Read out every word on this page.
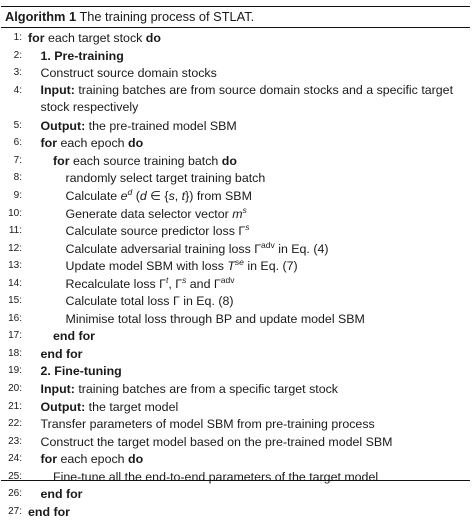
Algorithm 1 The training process of STLAT.
1: for each target stock do
2: 1. Pre-training
3: Construct source domain stocks
4: Input: training batches are from source domain stocks and a specific target stock respectively
5: Output: the pre-trained model SBM
6: for each epoch do
7:	for each source training batch do
8:	randomly select target training batch
9:	Calculate $e^d$ (d ∈ {s, t}) from SBM
10:	Generate data selector vector $m^s$
11:	Calculate source predictor loss $\Gamma^s$
12:	Calculate adversarial training loss $\Gamma^{adv}$ in Eq. (4)
13:	Update model SBM with loss $T^{se}$ in Eq. (7)
14:	Recalculate loss $\Gamma^t$, $\Gamma^s$ and $\Gamma^{adv}$
15:	Calculate total loss Γ in Eq. (8)
16:	Minimise total loss through BP and update model SBM
17:	end for
18: end for
19: 2. Fine-tuning
20: Input: training batches are from a specific target stock
21: Output: the target model
22: Transfer parameters of model SBM from pre-training process
23: Construct the target model based on the pre-trained model SBM
24: for each epoch do
25:	Fine-tune all the end-to-end parameters of the target model
26: end for
27: end for
